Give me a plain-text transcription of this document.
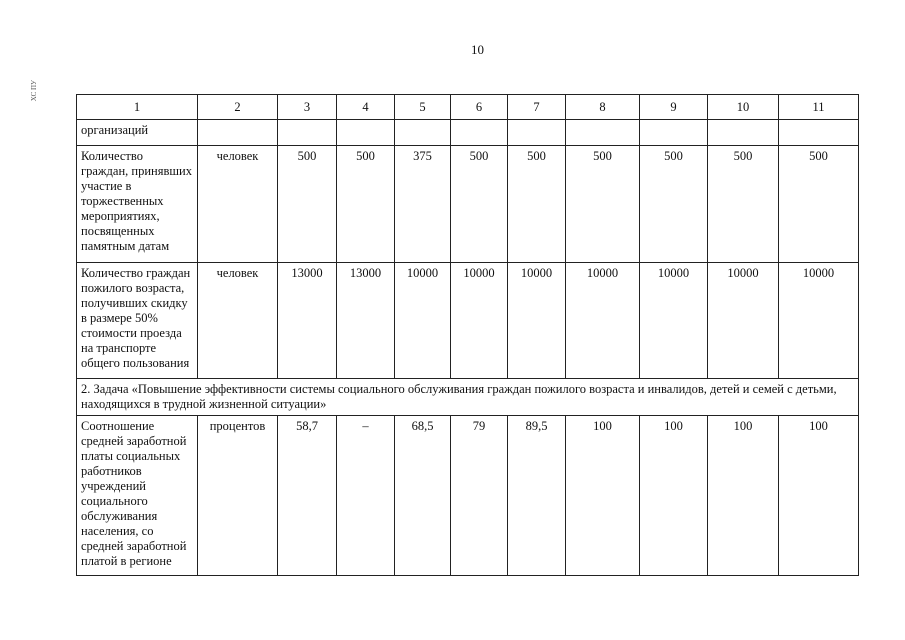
10
ХС ПУ
1	2	3	4	5	6	7	8	9	10	11
организаций										
Количество граждан, принявших участие в торжественных мероприятиях, посвященных памятным датам	человек	500	500	375	500	500	500	500	500	500
Количество граждан пожилого возраста, получивших скидку в размере 50% стоимости проезда на транспорте общего пользования	человек	13000	13000	10000	10000	10000	10000	10000	10000	10000
2. Задача «Повышение эффективности системы социального обслуживания граждан пожилого возраста и инвалидов, детей и семей с детьми, находящихся в трудной жизненной ситуации»										
Соотношение средней заработной платы социальных работников учреждений социального обслуживания населения, со средней заработной платой в регионе	процентов	58,7	–	68,5	79	89,5	100	100	100	100
